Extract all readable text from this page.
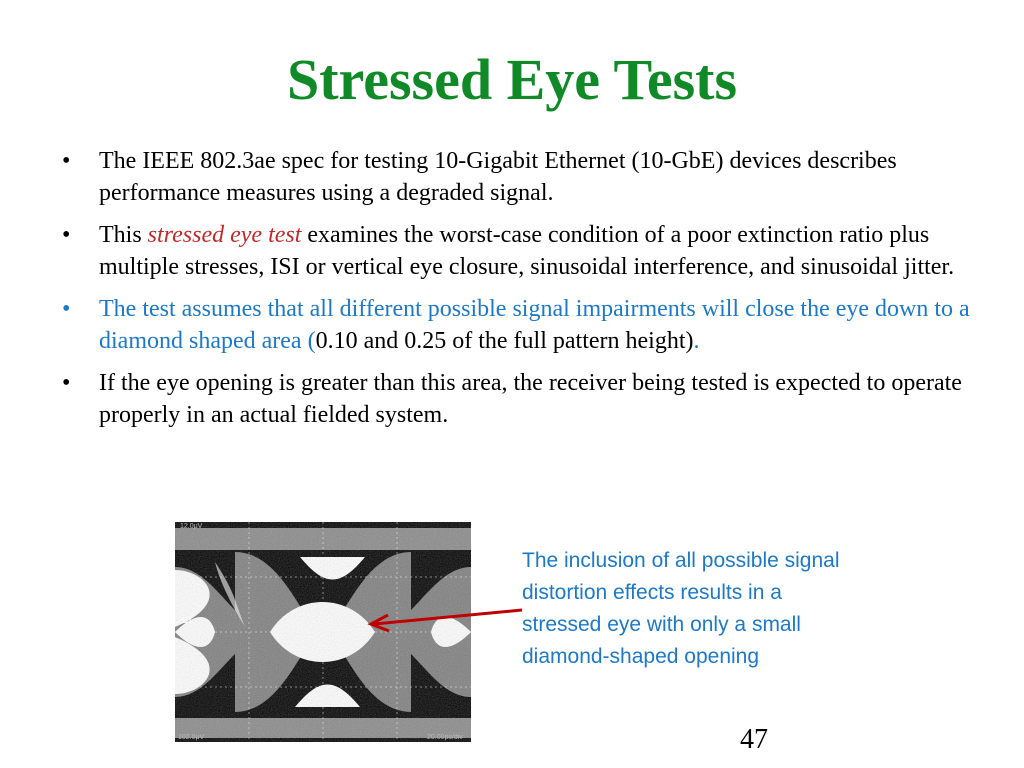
Stressed Eye Tests
•	The IEEE 802.3ae spec for testing 10-Gigabit Ethernet (10-GbE) devices describes performance measures using a degraded signal.
•	This stressed eye test examines the worst-case condition of a poor extinction ratio plus multiple stresses, ISI or vertical eye closure, sinusoidal interference, and sinusoidal jitter.
•	The test assumes that all different possible signal impairments will close the eye down to a diamond shaped area (0.10 and 0.25 of the full pattern height).
•	If the eye opening is greater than this area, the receiver being tested is expected to operate properly in an actual fielded system.
12.0μV
C1
102.0μV	20.00ps/div
The inclusion of all possible signal
distortion effects results in a
stressed eye with only a small
diamond-shaped opening
47
